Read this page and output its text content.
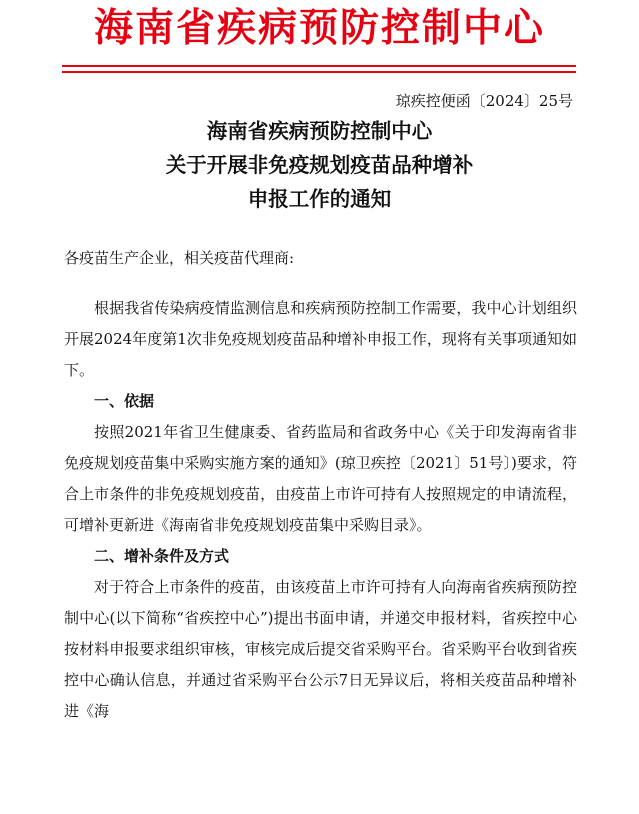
海南省疾病预防控制中心
琼疾控便函〔2024〕25号
海南省疾病预防控制中心
关于开展非免疫规划疫苗品种增补
申报工作的通知

各疫苗生产企业，相关疫苗代理商:

根据我省传染病疫情监测信息和疾病预防控制工作需要，我中心计划组织开展2024年度第1次非免疫规划疫苗品种增补申报工作，现将有关事项通知如下。

一、依据

按照2021年省卫生健康委、省药监局和省政务中心《关于印发海南省非免疫规划疫苗集中采购实施方案的通知》(琼卫疾控〔2021〕51号〕)要求，符合上市条件的非免疫规划疫苗，由疫苗上市许可持有人按照规定的申请流程，可增补更新进《海南省非免疫规划疫苗集中采购目录》。

二、增补条件及方式

对于符合上市条件的疫苗，由该疫苗上市许可持有人向海南省疾病预防控制中心(以下简称“省疾控中心”)提出书面申请，并递交申报材料，省疾控中心按材料申报要求组织审核，审核完成后提交省采购平台。省采购平台收到省疾控中心确认信息，并通过省采购平台公示7日无异议后，将相关疫苗品种增补进《海
